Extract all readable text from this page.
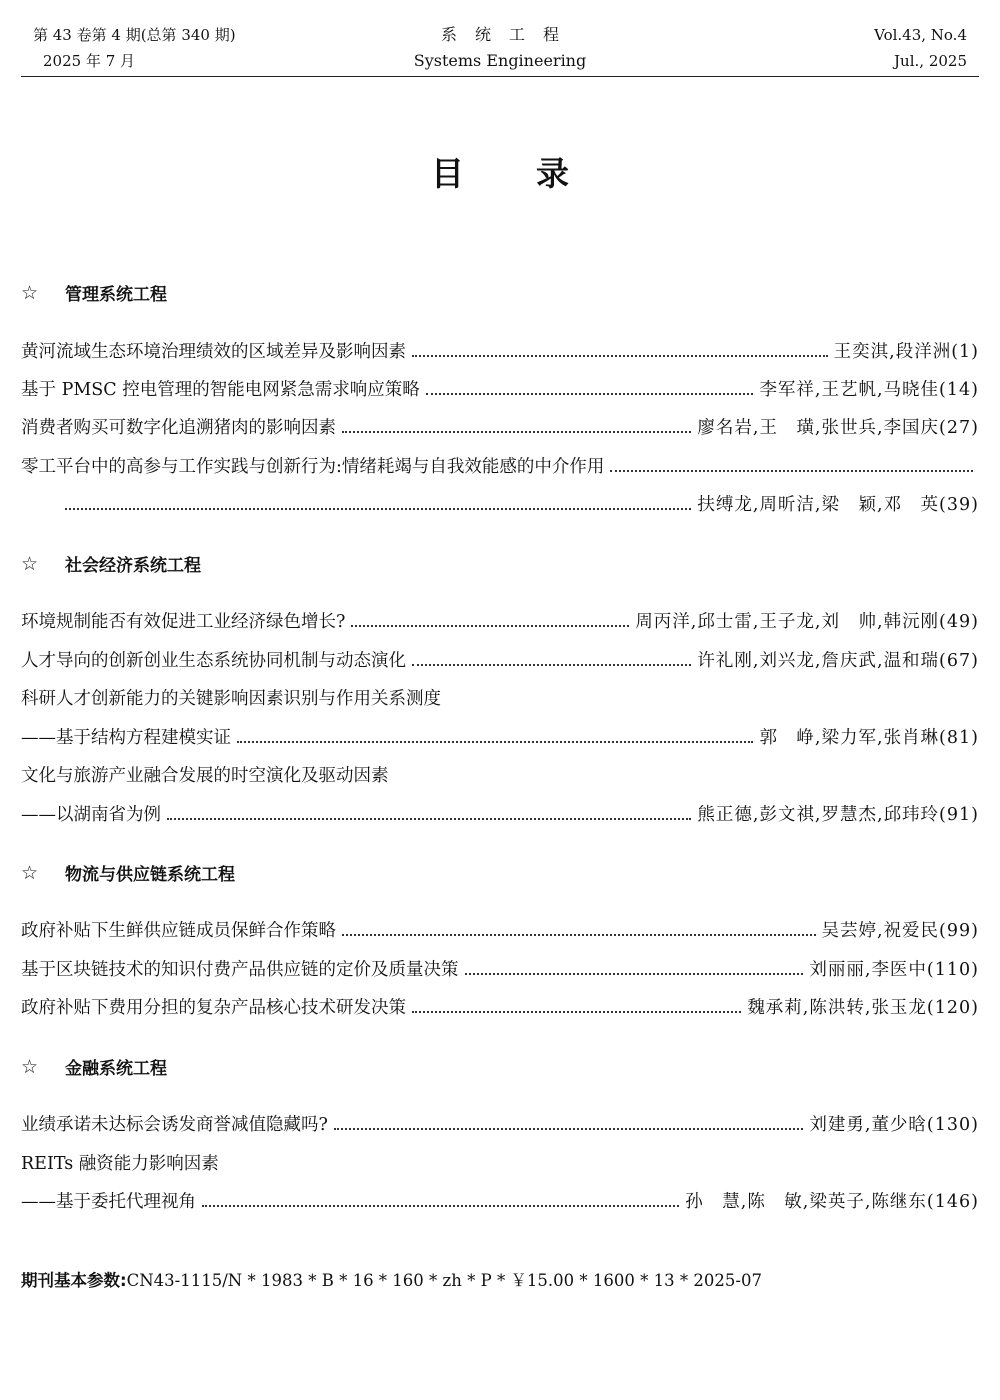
第 43 卷第 4 期(总第 340 期)
2025 年 7 月
系统工程
Systems Engineering
Vol.43, No.4
Jul., 2025
目录
☆	管理系统工程
黄河流域生态环境治理绩效的区域差异及影响因素	王奕淇,段洋洲(1)
基于 PMSC 控电管理的智能电网紧急需求响应策略	李军祥,王艺帆,马晓佳(14)
消费者购买可数字化追溯猪肉的影响因素	廖名岩,王　璜,张世兵,李国庆(27)
零工平台中的高参与工作实践与创新行为:情绪耗竭与自我效能感的中介作用
扶缚龙,周昕洁,梁　颖,邓　英(39)
☆	社会经济系统工程
环境规制能否有效促进工业经济绿色增长?	周丙洋,邱士雷,王子龙,刘　帅,韩沅刚(49)
人才导向的创新创业生态系统协同机制与动态演化	许礼刚,刘兴龙,詹庆武,温和瑞(67)
科研人才创新能力的关键影响因素识别与作用关系测度
——基于结构方程建模实证	郭　峥,梁力军,张肖琳(81)
文化与旅游产业融合发展的时空演化及驱动因素
——以湖南省为例	熊正德,彭文祺,罗慧杰,邱玮玲(91)
☆	物流与供应链系统工程
政府补贴下生鲜供应链成员保鲜合作策略	吴芸婷,祝爱民(99)
基于区块链技术的知识付费产品供应链的定价及质量决策	刘丽丽,李医中(110)
政府补贴下费用分担的复杂产品核心技术研发决策	魏承莉,陈洪转,张玉龙(120)
☆	金融系统工程
业绩承诺未达标会诱发商誉减值隐藏吗?	刘建勇,董少晗(130)
REITs 融资能力影响因素
——基于委托代理视角	孙　慧,陈　敏,梁英子,陈继东(146)
期刊基本参数:CN43-1115/N * 1983 * B * 16 * 160 * zh * P * ￥15.00 * 1600 * 13 * 2025-07
